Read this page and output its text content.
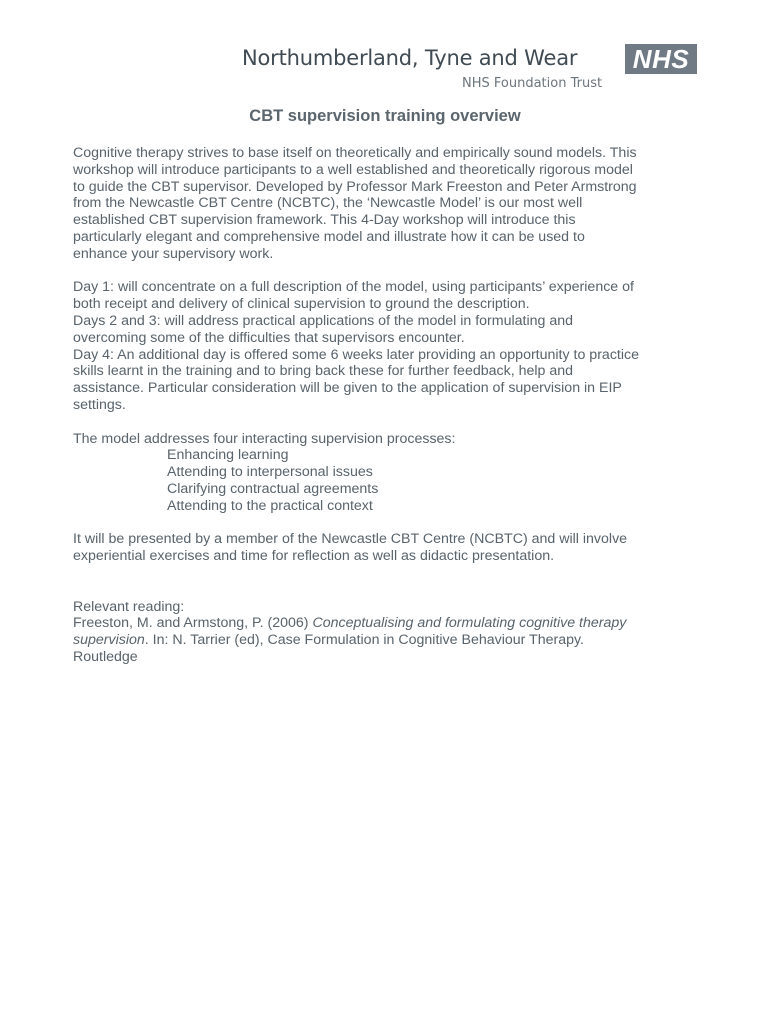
Northumberland, Tyne and Wear NHS
NHS Foundation Trust
CBT supervision training overview
Cognitive therapy strives to base itself on theoretically and empirically sound models. This
workshop will introduce participants to a well established and theoretically rigorous model
to guide the CBT supervisor. Developed by Professor Mark Freeston and Peter Armstrong
from the Newcastle CBT Centre (NCBTC), the ‘Newcastle Model’ is our most well
established CBT supervision framework. This 4-Day workshop will introduce this
particularly elegant and comprehensive model and illustrate how it can be used to
enhance your supervisory work.
Day 1: will concentrate on a full description of the model, using participants’ experience of
both receipt and delivery of clinical supervision to ground the description.
Days 2 and 3: will address practical applications of the model in formulating and
overcoming some of the difficulties that supervisors encounter.
Day 4: An additional day is offered some 6 weeks later providing an opportunity to practice
skills learnt in the training and to bring back these for further feedback, help and
assistance. Particular consideration will be given to the application of supervision in EIP
settings.
The model addresses four interacting supervision processes:
Enhancing learning
Attending to interpersonal issues
Clarifying contractual agreements
Attending to the practical context
It will be presented by a member of the Newcastle CBT Centre (NCBTC) and will involve
experiential exercises and time for reflection as well as didactic presentation.
Relevant reading:
Freeston, M. and Armstong, P. (2006) Conceptualising and formulating cognitive therapy
supervision. In: N. Tarrier (ed), Case Formulation in Cognitive Behaviour Therapy.
Routledge
